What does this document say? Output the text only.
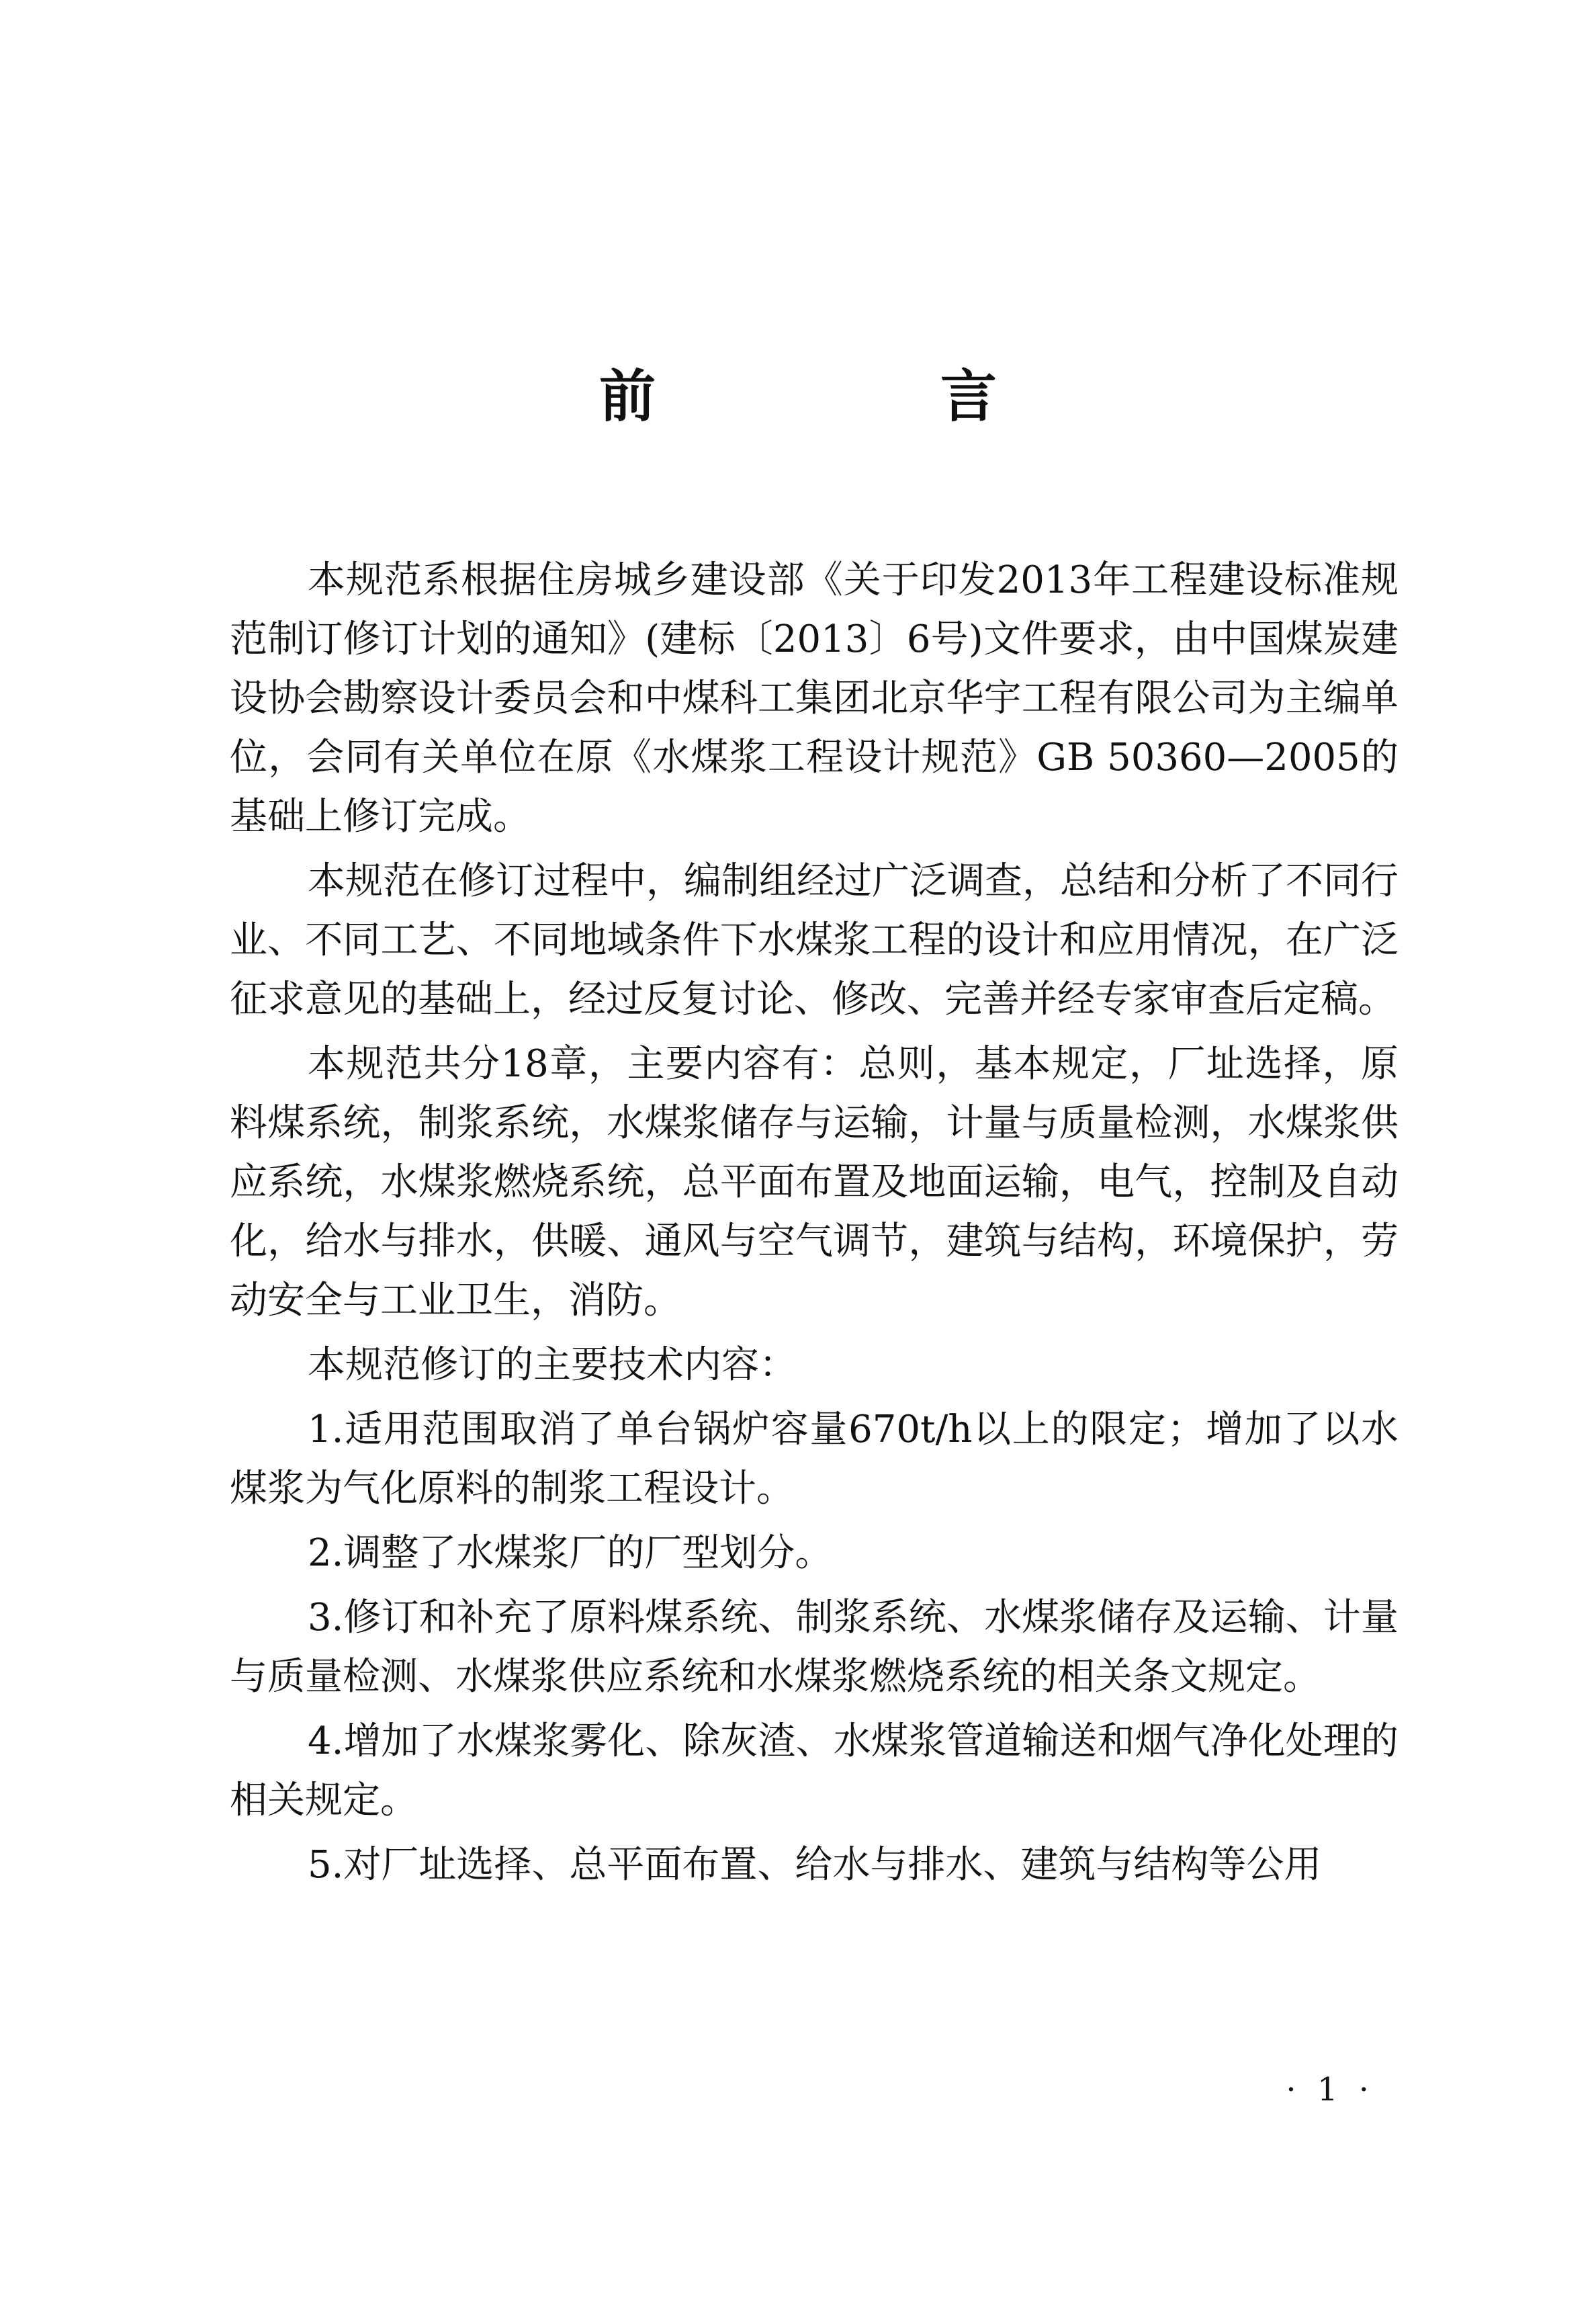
前　言

本规范系根据住房城乡建设部《关于印发2013年工程建设标准规范制订修订计划的通知》(建标〔2013〕6号)文件要求，由中国煤炭建设协会勘察设计委员会和中煤科工集团北京华宇工程有限公司为主编单位，会同有关单位在原《水煤浆工程设计规范》GB 50360—2005的基础上修订完成。

本规范在修订过程中，编制组经过广泛调查，总结和分析了不同行业、不同工艺、不同地域条件下水煤浆工程的设计和应用情况，在广泛征求意见的基础上，经过反复讨论、修改、完善并经专家审查后定稿。

本规范共分18章，主要内容有：总则，基本规定，厂址选择，原料煤系统，制浆系统，水煤浆储存与运输，计量与质量检测，水煤浆供应系统，水煤浆燃烧系统，总平面布置及地面运输，电气，控制及自动化，给水与排水，供暖、通风与空气调节，建筑与结构，环境保护，劳动安全与工业卫生，消防。

本规范修订的主要技术内容：

1.适用范围取消了单台锅炉容量670t/h以上的限定；增加了以水煤浆为气化原料的制浆工程设计。

2.调整了水煤浆厂的厂型划分。

3.修订和补充了原料煤系统、制浆系统、水煤浆储存及运输、计量与质量检测、水煤浆供应系统和水煤浆燃烧系统的相关条文规定。

4.增加了水煤浆雾化、除灰渣、水煤浆管道输送和烟气净化处理的相关规定。

5.对厂址选择、总平面布置、给水与排水、建筑与结构等公用

· 1 ·
